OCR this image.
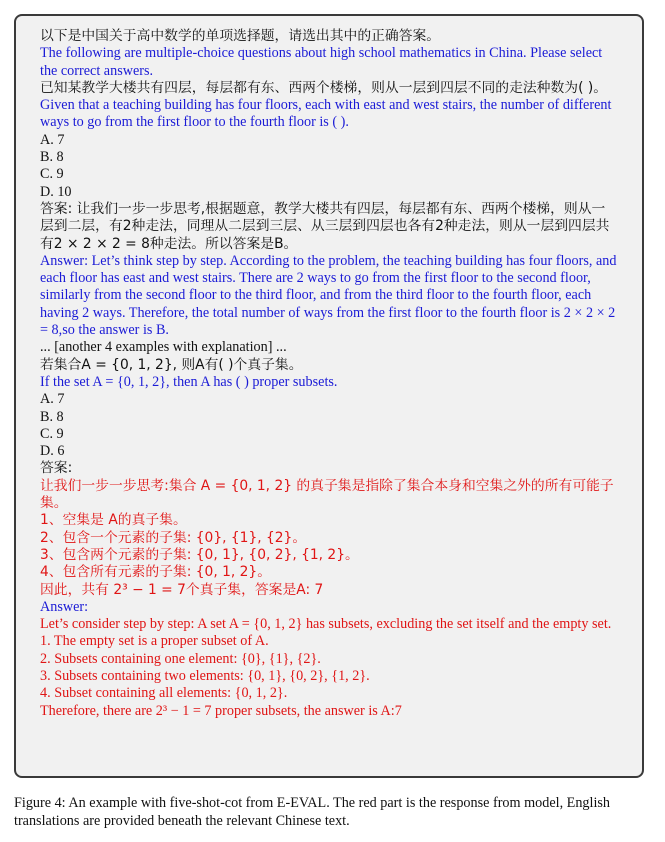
以下是中国关于高中数学的单项选择题，请选出其中的正确答案。
The following are multiple-choice questions about high school mathematics in China. Please select the correct answers.
已知某教学大楼共有四层，每层都有东、西两个楼梯，则从一层到四层不同的走法种数为( )。
Given that a teaching building has four floors, each with east and west stairs, the number of different ways to go from the first floor to the fourth floor is ( ).
A. 7
B. 8
C. 9
D. 10
答案: 让我们一步一步思考,根据题意，教学大楼共有四层，每层都有东、西两个楼梯，则从一层到二层，有2种走法，同理从二层到三层、从三层到四层也各有2种走法，则从一层到四层共有2 × 2 × 2 = 8种走法。所以答案是B。
Answer: Let’s think step by step. According to the problem, the teaching building has four floors, and each floor has east and west stairs. There are 2 ways to go from the first floor to the second floor, similarly from the second floor to the third floor, and from the third floor to the fourth floor, each having 2 ways. Therefore, the total number of ways from the first floor to the fourth floor is 2 × 2 × 2 = 8,so the answer is B.
... [another 4 examples with explanation] ...
若集合A = {0, 1, 2}, 则A有( )个真子集。
If the set A = {0, 1, 2}, then A has ( ) proper subsets.
A. 7
B. 8
C. 9
D. 6
答案:
让我们一步一步思考:集合 A = {0, 1, 2} 的真子集是指除了集合本身和空集之外的所有可能子集。
1、空集是 A的真子集。
2、包含一个元素的子集: {0}, {1}, {2}。
3、包含两个元素的子集: {0, 1}, {0, 2}, {1, 2}。
4、包含所有元素的子集: {0, 1, 2}。
因此，共有 2³ − 1 = 7个真子集，答案是A: 7
Answer:
Let’s consider step by step: A set A = {0, 1, 2} has subsets, excluding the set itself and the empty set.
1. The empty set is a proper subset of A.
2. Subsets containing one element: {0}, {1}, {2}.
3. Subsets containing two elements: {0, 1}, {0, 2}, {1, 2}.
4. Subset containing all elements: {0, 1, 2}.
Therefore, there are 2³ − 1 = 7 proper subsets, the answer is A:7
Figure 4: An example with five-shot-cot from E-EVAL. The red part is the response from model, English translations are provided beneath the relevant Chinese text.
